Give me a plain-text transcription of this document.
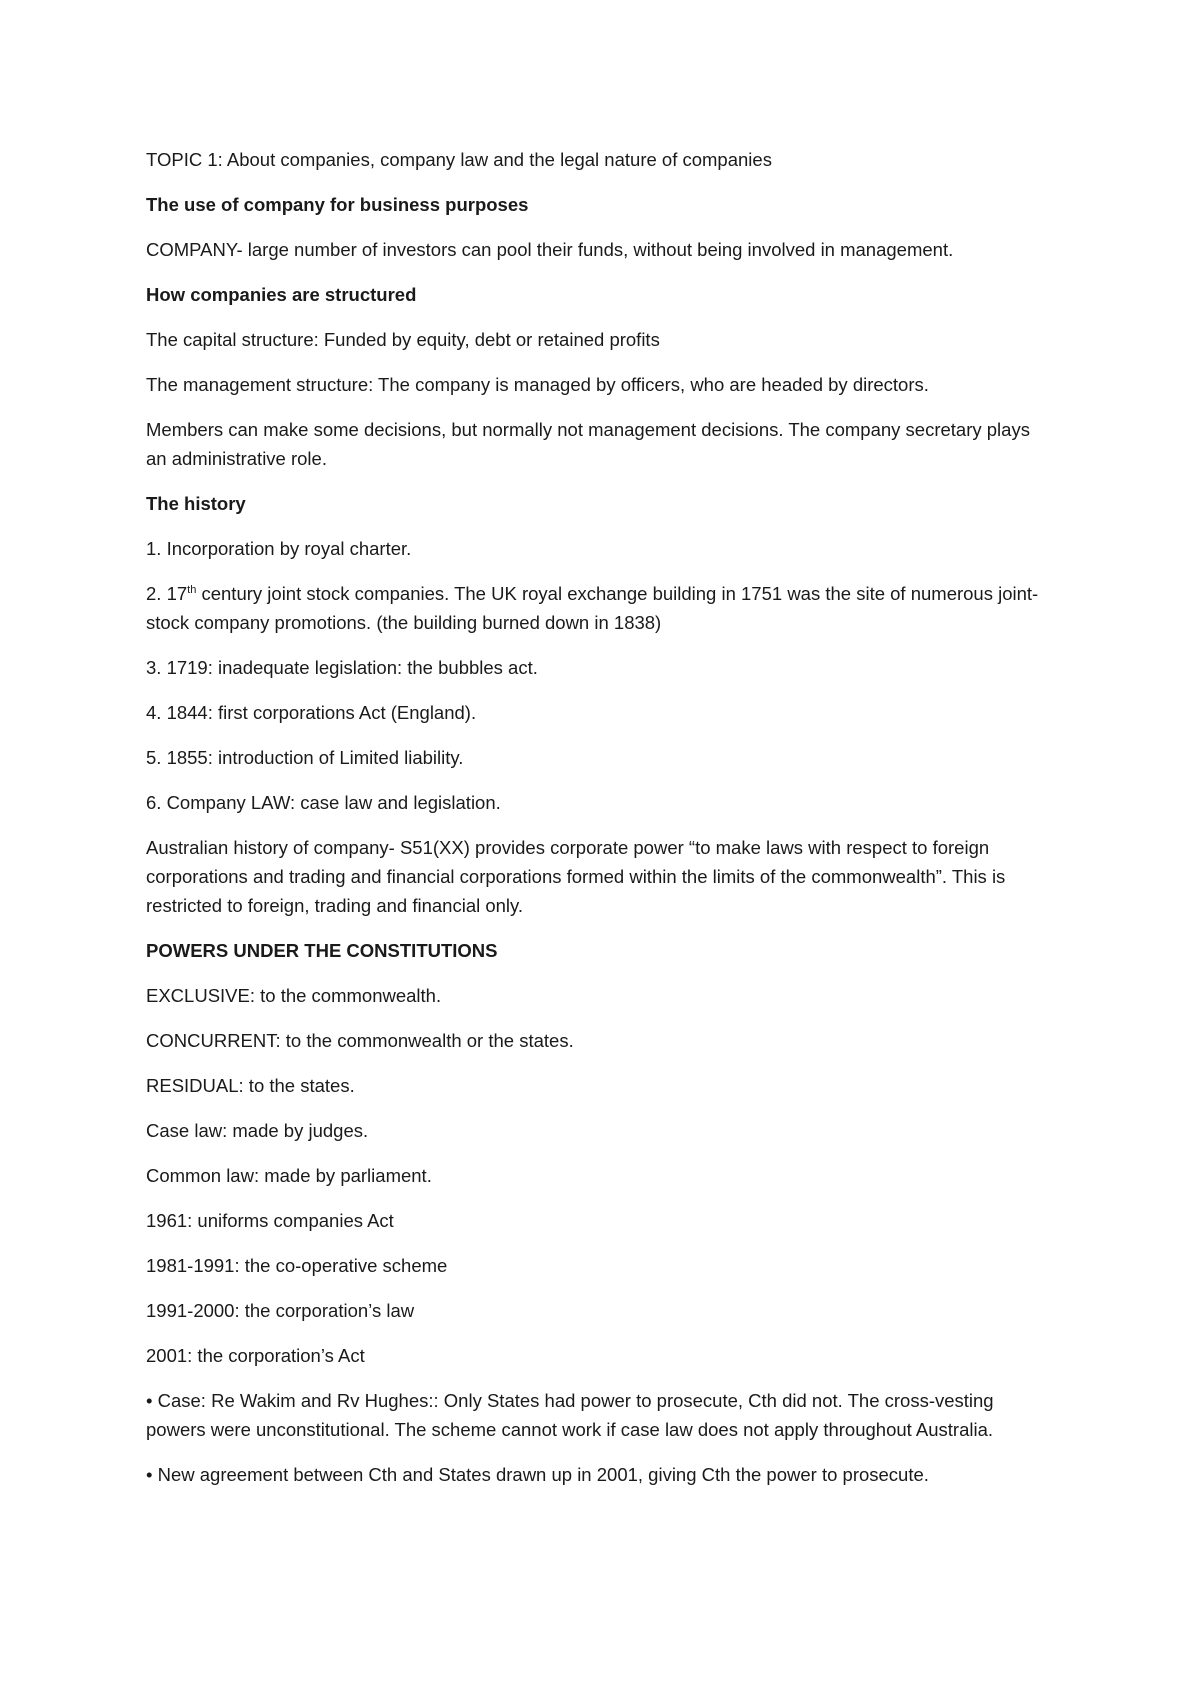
TOPIC 1: About companies, company law and the legal nature of companies

The use of company for business purposes

COMPANY- large number of investors can pool their funds, without being involved in management.

How companies are structured

The capital structure: Funded by equity, debt or retained profits

The management structure: The company is managed by officers, who are headed by directors.

Members can make some decisions, but normally not management decisions. The company secretary plays an administrative role.

The history

1. Incorporation by royal charter.

2. 17th century joint stock companies. The UK royal exchange building in 1751 was the site of numerous joint-stock company promotions. (the building burned down in 1838)

3. 1719: inadequate legislation: the bubbles act.

4. 1844: first corporations Act (England).

5. 1855: introduction of Limited liability.

6. Company LAW: case law and legislation.

Australian history of company- S51(XX) provides corporate power “to make laws with respect to foreign corporations and trading and financial corporations formed within the limits of the commonwealth”. This is restricted to foreign, trading and financial only.

POWERS UNDER THE CONSTITUTIONS

EXCLUSIVE: to the commonwealth.

CONCURRENT: to the commonwealth or the states.

RESIDUAL: to the states.

Case law: made by judges.

Common law: made by parliament.

1961: uniforms companies Act

1981-1991: the co-operative scheme

1991-2000: the corporation’s law

2001: the corporation’s Act

• Case: Re Wakim and Rv Hughes:: Only States had power to prosecute, Cth did not. The cross-vesting powers were unconstitutional. The scheme cannot work if case law does not apply throughout Australia.

• New agreement between Cth and States drawn up in 2001, giving Cth the power to prosecute.
